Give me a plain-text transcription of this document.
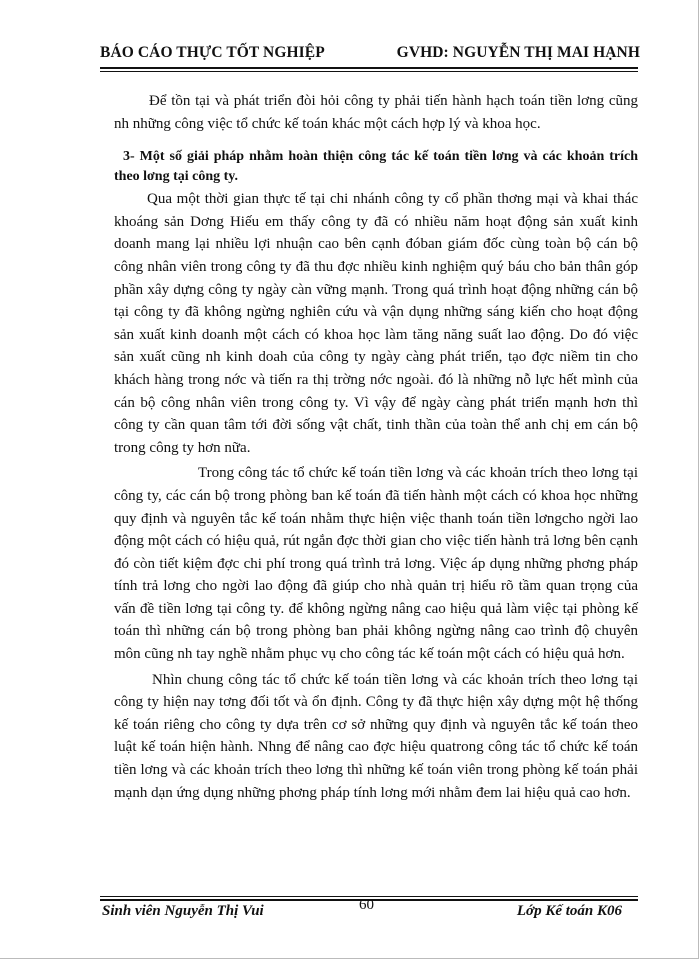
BÁO CÁO THỰC TỐT NGHIỆP	GVHD: NGUYỄN THỊ MAI HẠNH

Để tồn tại và phát triển đòi hỏi công ty phải tiến hành hạch toán tiền lơng cũng nh những công việc tổ chức kế toán khác một cách hợp lý và khoa học.

3- Một số giải pháp nhằm hoàn thiện công tác kế toán tiền lơng và các khoản trích theo lơng tại công ty.

Qua một thời gian thực tế tại chi nhánh công ty cổ phần thơng mại và khai thác khoáng sản Dơng Hiếu em thấy công ty đã có nhiều năm hoạt động sản xuất kinh doanh mang lại nhiều lợi nhuận cao bên cạnh đóban giám đốc cùng toàn bộ cán bộ công nhân viên trong công ty đã thu đợc nhiều kinh nghiệm quý báu cho bản thân góp phần xây dựng công ty ngày càn vững mạnh. Trong quá trình hoạt động những cán bộ tại công ty đã không ngừng nghiên cứu và vận dụng những sáng kiến cho hoạt động sản xuất kinh doanh một cách có khoa học làm tăng năng suất lao động. Do đó việc sản xuất cũng nh kinh doah của công ty ngày càng phát triển, tạo đợc niềm tin cho khách hàng trong nớc và tiến ra thị trờng nớc ngoài. đó là những nỗ lực hết mình của cán bộ công nhân viên trong công ty. Vì vậy để ngày càng phát triển mạnh hơn thì công ty cần quan tâm tới đời sống vật chất, tinh thần của toàn thể anh chị em cán bộ trong công ty hơn nữa.

Trong công tác tổ chức kế toán tiền lơng và các khoản trích theo lơng tại công ty, các cán bộ trong phòng ban kế toán đã tiến hành một cách có khoa học những quy định và nguyên tắc kế toán nhằm thực hiện việc thanh toán tiền lơngcho ngời lao động một cách có hiệu quả, rút ngắn đợc thời gian cho việc tiến hành trả lơng bên cạnh đó còn tiết kiệm đợc chi phí trong quá trình trả lơng. Việc áp dụng những phơng pháp tính trả lơng cho ngời lao động đã giúp cho nhà quản trị hiểu rõ tầm quan trọng của vấn đề tiền lơng tại công ty. để không ngừng nâng cao hiệu quả làm việc tại phòng kế toán thì những cán bộ trong phòng ban phải không ngừng nâng cao trình độ chuyên môn cũng nh tay nghề nhằm phục vụ cho công tác kế toán một cách có hiệu quả hơn.

Nhìn chung công tác tổ chức kế toán tiền lơng và các khoản trích theo lơng tại công ty hiện nay tơng đối tốt và ổn định. Công ty đã thực hiện xây dựng một hệ thống kế toán riêng cho công ty dựa trên cơ sở những quy định và nguyên tắc kế toán theo luật kế toán hiện hành. Nhng để nâng cao đợc hiệu quatrong công tác tổ chức kế toán tiền lơng và các khoản trích theo lơng thì những kế toán viên trong phòng kế toán phải mạnh dạn ứng dụng những phơng pháp tính lơng mới nhằm đem lai hiệu quả cao hơn.

Sinh viên Nguyễn Thị Vui	60	Lớp Kế toán K06
